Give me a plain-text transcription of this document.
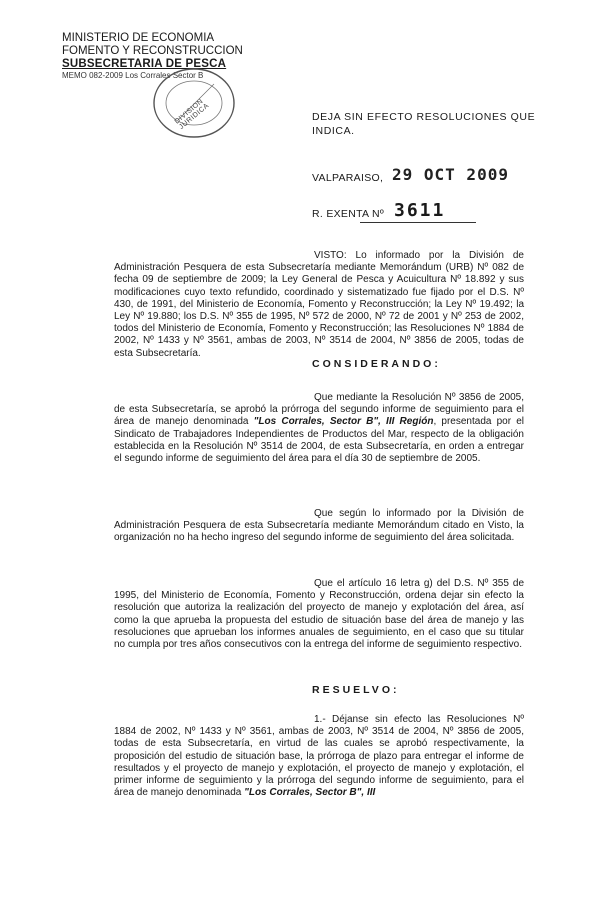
MINISTERIO DE ECONOMIA
FOMENTO Y RECONSTRUCCION
SUBSECRETARIA DE PESCA
MEMO 082-2009 Los Corrales Sector B
DIVISION JURIDICA	DEJA SIN EFECTO RESOLUCIONES QUE
INDICA.
VALPARAISO, 29 OCT 2009
R. EXENTA Nº 3611

VISTO: Lo informado por la División de Administración Pesquera de esta Subsecretaría mediante Memorándum (URB) Nº 082 de fecha 09 de septiembre de 2009; la Ley General de Pesca y Acuicultura Nº 18.892 y sus modificaciones cuyo texto refundido, coordinado y sistematizado fue fijado por el D.S. Nº 430, de 1991, del Ministerio de Economía, Fomento y Reconstrucción; la Ley Nº 19.492; la Ley Nº 19.880; los D.S. Nº 355 de 1995, Nº 572 de 2000, Nº 72 de 2001 y Nº 253 de 2002, todos del Ministerio de Economía, Fomento y Reconstrucción; las Resoluciones Nº 1884 de 2002, Nº 1433 y Nº 3561, ambas de 2003, Nº 3514 de 2004, Nº 3856 de 2005, todas de esta Subsecretaría.

CONSIDERANDO:

Que mediante la Resolución Nº 3856 de 2005, de esta Subsecretaría, se aprobó la prórroga del segundo informe de seguimiento para el área de manejo denominada "Los Corrales, Sector B", III Región, presentada por el Sindicato de Trabajadores Independientes de Productos del Mar, respecto de la obligación establecida en la Resolución Nº 3514 de 2004, de esta Subsecretaría, en orden a entregar el segundo informe de seguimiento del área para el día 30 de septiembre de 2005.

Que según lo informado por la División de Administración Pesquera de esta Subsecretaría mediante Memorándum citado en Visto, la organización no ha hecho ingreso del segundo informe de seguimiento del área solicitada.

Que el artículo 16 letra g) del D.S. Nº 355 de 1995, del Ministerio de Economía, Fomento y Reconstrucción, ordena dejar sin efecto la resolución que autoriza la realización del proyecto de manejo y explotación del área, así como la que aprueba la propuesta del estudio de situación base del área de manejo y las resoluciones que aprueban los informes anuales de seguimiento, en el caso que su titular no cumpla por tres años consecutivos con la entrega del informe de seguimiento respectivo.

RESUELVO:

1.- Déjanse sin efecto las Resoluciones Nº 1884 de 2002, Nº 1433 y Nº 3561, ambas de 2003, Nº 3514 de 2004, Nº 3856 de 2005, todas de esta Subsecretaría, en virtud de las cuales se aprobó respectivamente, la proposición del estudio de situación base, la prórroga de plazo para entregar el informe de resultados y el proyecto de manejo y explotación, el proyecto de manejo y explotación, el primer informe de seguimiento y la prórroga del segundo informe de seguimiento, para el área de manejo denominada "Los Corrales, Sector B", III
